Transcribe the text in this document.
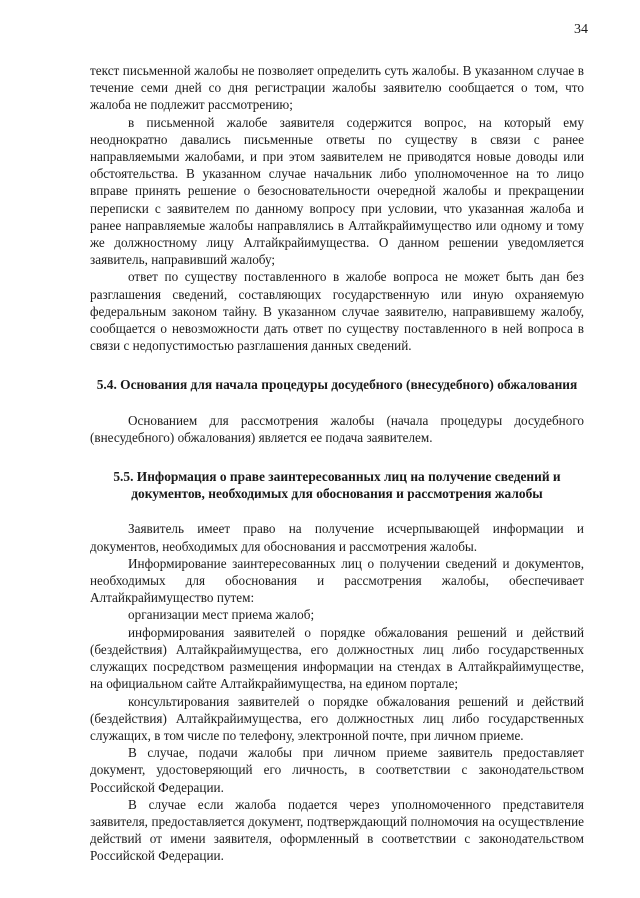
34

текст письменной жалобы не позволяет определить суть жалобы. В указанном случае в течение семи дней со дня регистрации жалобы заявителю сообщается о том, что жалоба не подлежит рассмотрению;

в письменной жалобе заявителя содержится вопрос, на который ему неоднократно давались письменные ответы по существу в связи с ранее направляемыми жалобами, и при этом заявителем не приводятся новые доводы или обстоятельства. В указанном случае начальник либо уполномоченное на то лицо вправе принять решение о безосновательности очередной жалобы и прекращении переписки с заявителем по данному вопросу при условии, что указанная жалоба и ранее направляемые жалобы направлялись в Алтайкрайимущество или одному и тому же должностному лицу Алтайкрайимущества. О данном решении уведомляется заявитель, направивший жалобу;

ответ по существу поставленного в жалобе вопроса не может быть дан без разглашения сведений, составляющих государственную или иную охраняемую федеральным законом тайну. В указанном случае заявителю, направившему жалобу, сообщается о невозможности дать ответ по существу поставленного в ней вопроса в связи с недопустимостью разглашения данных сведений.

5.4. Основания для начала процедуры досудебного (внесудебного) обжалования

Основанием для рассмотрения жалобы (начала процедуры досудебного (внесудебного) обжалования) является ее подача заявителем.

5.5. Информация о праве заинтересованных лиц на получение сведений и документов, необходимых для обоснования и рассмотрения жалобы

Заявитель имеет право на получение исчерпывающей информации и документов, необходимых для обоснования и рассмотрения жалобы.

Информирование заинтересованных лиц о получении сведений и документов, необходимых для обоснования и рассмотрения жалобы, обеспечивает Алтайкрайимущество путем:

организации мест приема жалоб;

информирования заявителей о порядке обжалования решений и действий (бездействия) Алтайкрайимущества, его должностных лиц либо государственных служащих посредством размещения информации на стендах в Алтайкрайимуществе, на официальном сайте Алтайкрайимущества, на едином портале;

консультирования заявителей о порядке обжалования решений и действий (бездействия) Алтайкрайимущества, его должностных лиц либо государственных служащих, в том числе по телефону, электронной почте, при личном приеме.

В случае, подачи жалобы при личном приеме заявитель предоставляет документ, удостоверяющий его личность, в соответствии с законодательством Российской Федерации.

В случае если жалоба подается через уполномоченного представителя заявителя, предоставляется документ, подтверждающий полномочия на осуществление действий от имени заявителя, оформленный в соответствии с законодательством Российской Федерации.
